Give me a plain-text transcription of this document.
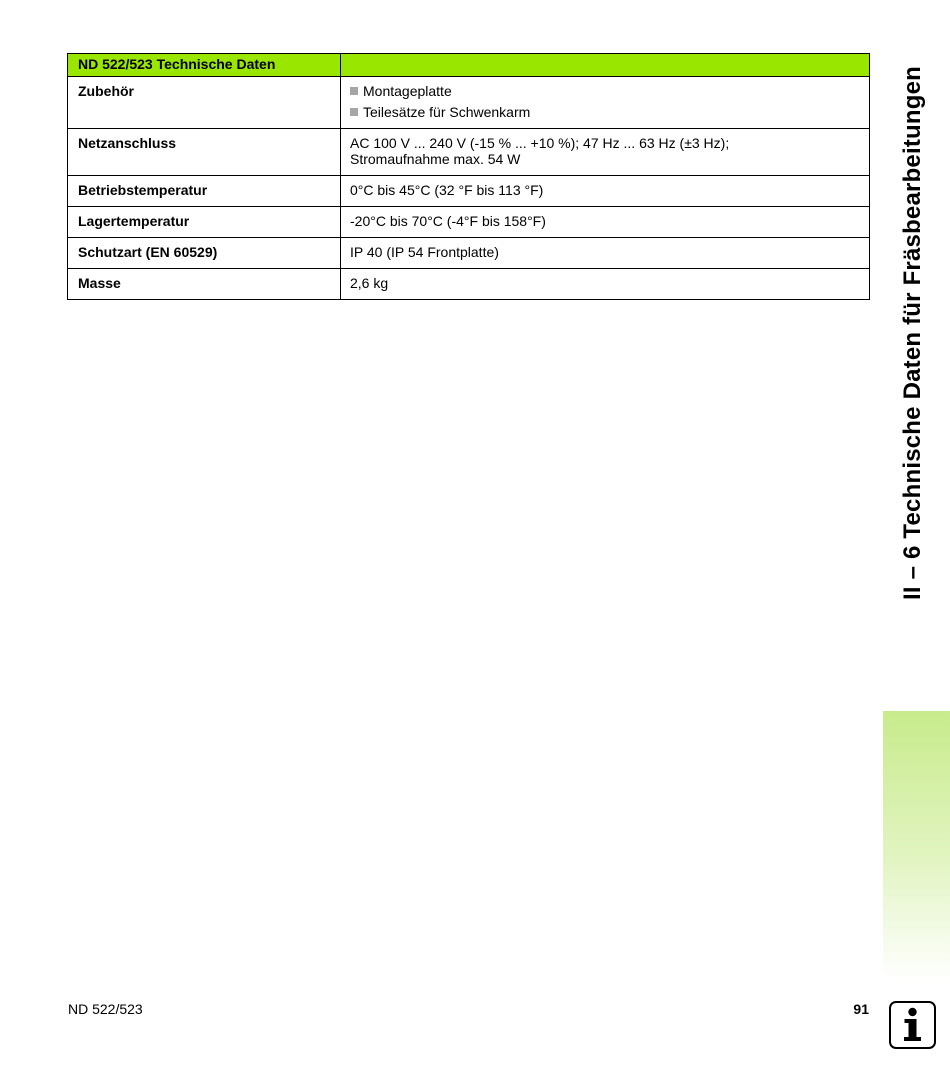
ND 522/523 Technische Daten	
Zubehör	Montageplatte
Teilesätze für Schwenkarm

Netzanschluss	AC 100 V ... 240 V (-15 % ... +10 %); 47 Hz ... 63 Hz (±3 Hz);
Stromaufnahme max. 54 W

Betriebstemperatur	0°C bis 45°C (32 °F bis 113 °F)

Lagertemperatur	-20°C bis 70°C (-4°F bis 158°F)

Schutzart (EN 60529)	IP 40 (IP 54 Frontplatte)

Masse	2,6 kg	II – 6 Technische Daten für Fräsbearbeitungen
ND 522/523	91
